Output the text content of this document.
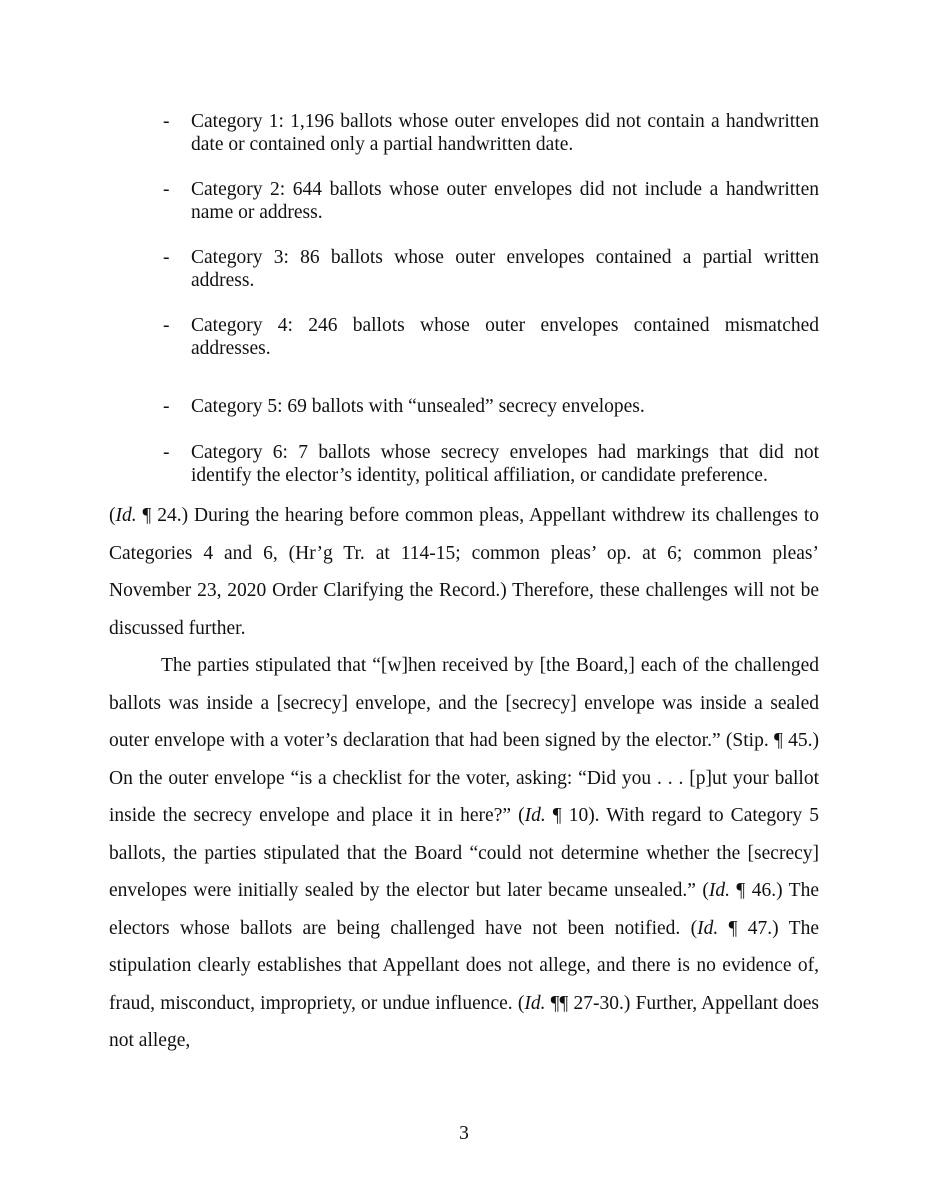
- Category 1: 1,196 ballots whose outer envelopes did not contain a handwritten date or contained only a partial handwritten date.
- Category 2: 644 ballots whose outer envelopes did not include a handwritten name or address.
- Category 3: 86 ballots whose outer envelopes contained a partial written address.
- Category 4: 246 ballots whose outer envelopes contained mismatched addresses.
- Category 5: 69 ballots with “unsealed” secrecy envelopes.
- Category 6: 7 ballots whose secrecy envelopes had markings that did not identify the elector’s identity, political affiliation, or candidate preference.

(Id. ¶ 24.) During the hearing before common pleas, Appellant withdrew its challenges to Categories 4 and 6, (Hr’g Tr. at 114-15; common pleas’ op. at 6; common pleas’ November 23, 2020 Order Clarifying the Record.) Therefore, these challenges will not be discussed further.

The parties stipulated that “[w]hen received by [the Board,] each of the challenged ballots was inside a [secrecy] envelope, and the [secrecy] envelope was inside a sealed outer envelope with a voter’s declaration that had been signed by the elector.” (Stip. ¶ 45.) On the outer envelope “is a checklist for the voter, asking: “Did you . . . [p]ut your ballot inside the secrecy envelope and place it in here?” (Id. ¶ 10). With regard to Category 5 ballots, the parties stipulated that the Board “could not determine whether the [secrecy] envelopes were initially sealed by the elector but later became unsealed.” (Id. ¶ 46.) The electors whose ballots are being challenged have not been notified. (Id. ¶ 47.) The stipulation clearly establishes that Appellant does not allege, and there is no evidence of, fraud, misconduct, impropriety, or undue influence. (Id. ¶¶ 27-30.) Further, Appellant does not allege,

3
